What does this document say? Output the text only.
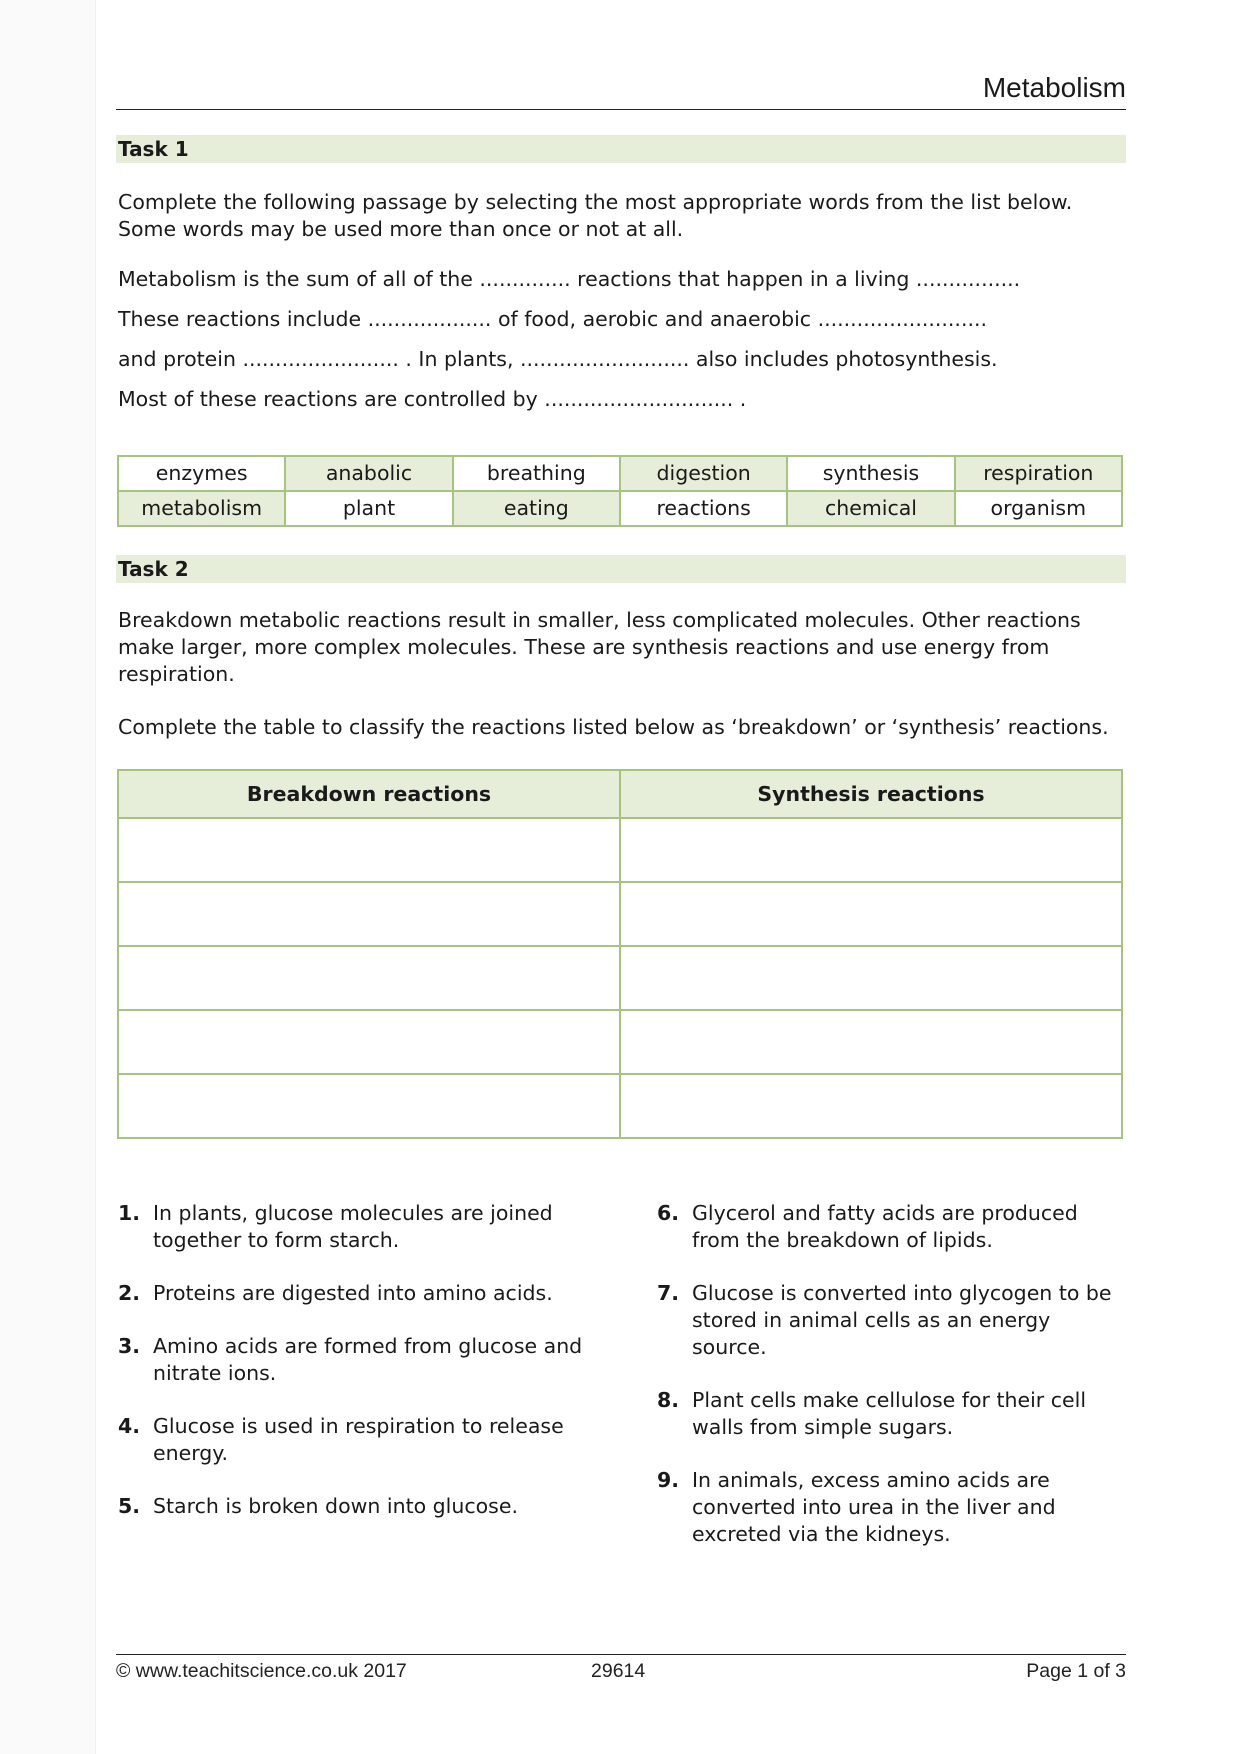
Metabolism
Task 1
Complete the following passage by selecting the most appropriate words from the list below.
Some words may be used more than once or not at all.
Metabolism is the sum of all of the .............. reactions that happen in a living ................
These reactions include ................... of food, aerobic and anaerobic ..........................
and protein ........................ . In plants, .......................... also includes photosynthesis.
Most of these reactions are controlled by ............................. .
enzymes	anabolic	breathing	digestion	synthesis	respiration
metabolism	plant	eating	reactions	chemical	organism
Task 2
Breakdown metabolic reactions result in smaller, less complicated molecules. Other reactions
make larger, more complex molecules. These are synthesis reactions and use energy from
respiration.
Complete the table to classify the reactions listed below as ‘breakdown’ or ‘synthesis’ reactions.
Breakdown reactions	Synthesis reactions

1. In plants, glucose molecules are joined
together to form starch.
2. Proteins are digested into amino acids.
3. Amino acids are formed from glucose and
nitrate ions.
4. Glucose is used in respiration to release
energy.
5. Starch is broken down into glucose.
6. Glycerol and fatty acids are produced
from the breakdown of lipids.
7. Glucose is converted into glycogen to be
stored in animal cells as an energy
source.
8. Plant cells make cellulose for their cell
walls from simple sugars.
9. In animals, excess amino acids are
converted into urea in the liver and
excreted via the kidneys.
© www.teachitscience.co.uk 2017	29614	Page 1 of 3
